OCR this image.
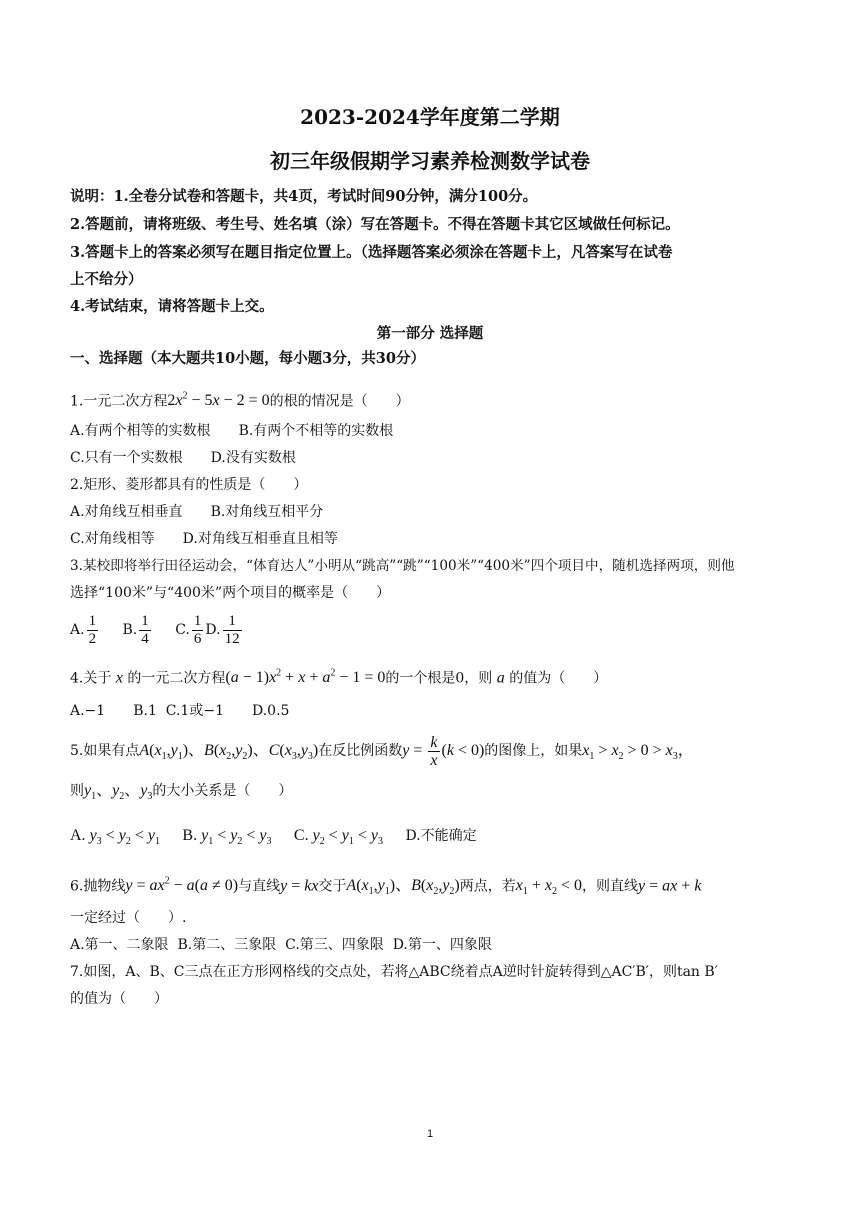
2023-2024学年度第二学期
初三年级假期学习素养检测数学试卷
说明：1.全卷分试卷和答题卡，共4页，考试时间90分钟，满分100分。
2.答题前，请将班级、考生号、姓名填（涂）写在答题卡。不得在答题卡其它区域做任何标记。
3.答题卡上的答案必须写在题目指定位置上。（选择题答案必须涂在答题卡上，凡答案写在试卷
上不给分）
4.考试结束，请将答题卡上交。
第一部分 选择题
一、选择题（本大题共10小题，每小题3分，共30分）
1.一元二次方程$2x^2 - 5x - 2 = 0$的根的情况是（　　）
A.有两个相等的实数根 B.有两个不相等的实数根
C.只有一个实数根 D.没有实数根
2.矩形、菱形都具有的性质是（　　）
A.对角线互相垂直 B.对角线互相平分
C.对角线相等 D.对角线互相垂直且相等
3.某校即将举行田径运动会，“体育达人”小明从“跳高”“跳”“100米”“400米”四个项目中，随机选择两项，则他
选择“100米”与“400米”两个项目的概率是（　　）
A. $\frac{1}{2} B$. $\frac{1}{4} C$. $\frac{1}{6} D$. $\frac{1}{12}$
4.关于 x 的一元二次方程$(a - 1)x^2 + x + a^2 - 1 = 0$的一个根是0，则 a 的值为（　　）
A.−1 B.1 C.1或−1 D.0.5
5.如果有点$A(x_1,y_1)$、$B(x_2,y_2)$、$C(x_3,y_3)$在反比例函数$y = \frac{k}{x} (k < 0)$的图像上，如果$x_1 > x_2 > 0 > x_3$，
则$y_1$、$y_2$、$y_3$的大小关系是（　　）
A. $y_3 < y_2 < y_1$ B. $y_1 < y_2 < y_3$ C. $y_2 < y_1 < y_3$ D.不能确定
6.抛物线$y = ax^2 - a(a \ne 0)$与直线y = kx交于$A(x_1,y_1)$、$B(x_2,y_2)$两点，若$x_1 + x_2 < 0$，则直线y = ax + k
一定经过（　　）.
A.第一、二象限 B.第二、三象限 C.第三、四象限 D.第一、四象限
7.如图，A、B、C三点在正方形网格线的交点处，若将△ABC绕着点A逆时针旋转得到△AC′B′，则tan B′
的值为（　　）
1
